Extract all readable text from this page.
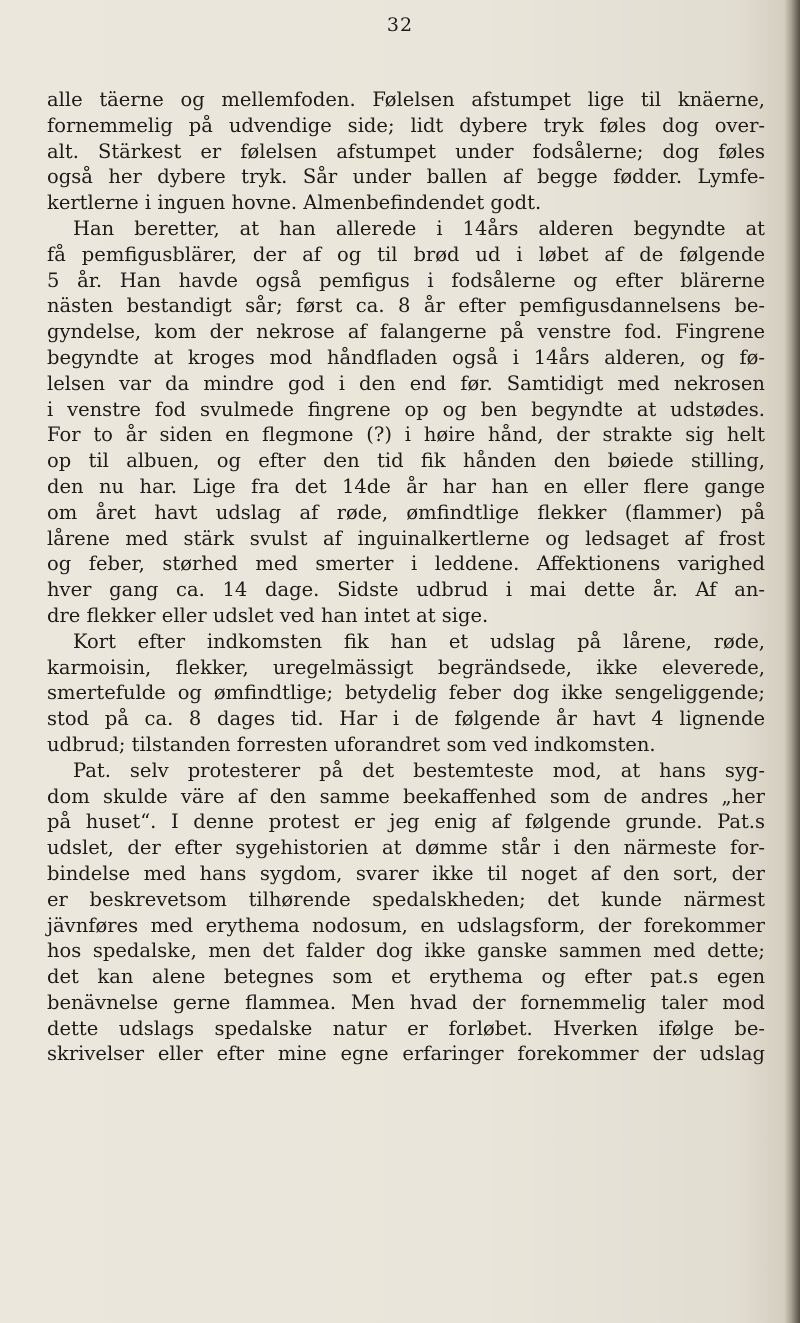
32
alle täerne og mellemfoden. Følelsen afstumpet lige til knäerne,
fornemmelig på udvendige side; lidt dybere tryk føles dog over-
alt. Stärkest er følelsen afstumpet under fodsålerne; dog føles
også her dybere tryk. Sår under ballen af begge fødder. Lymfe-
kertlerne i inguen hovne. Almenbefindendet godt.
Han beretter, at han allerede i 14års alderen begyndte at
få pemfigusblärer, der af og til brød ud i løbet af de følgende
5 år. Han havde også pemfigus i fodsålerne og efter blärerne
nästen bestandigt sår; først ca. 8 år efter pemfigusdannelsens be-
gyndelse, kom der nekrose af falangerne på venstre fod. Fingrene
begyndte at kroges mod håndfladen også i 14års alderen, og fø-
lelsen var da mindre god i den end før. Samtidigt med nekrosen
i venstre fod svulmede fingrene op og ben begyndte at udstødes.
For to år siden en flegmone (?) i høire hånd, der strakte sig helt
op til albuen, og efter den tid fik hånden den bøiede stilling,
den nu har. Lige fra det 14de år har han en eller flere gange
om året havt udslag af røde, ømfindtlige flekker (flammer) på
lårene med stärk svulst af inguinalkertlerne og ledsaget af frost
og feber, størhed med smerter i leddene. Affektionens varighed
hver gang ca. 14 dage. Sidste udbrud i mai dette år. Af an-
dre flekker eller udslet ved han intet at sige.
Kort efter indkomsten fik han et udslag på lårene, røde,
karmoisin, flekker, uregelmässigt begrändsede, ikke eleverede,
smertefulde og ømfindtlige; betydelig feber dog ikke sengeliggende;
stod på ca. 8 dages tid. Har i de følgende år havt 4 lignende
udbrud; tilstanden forresten uforandret som ved indkomsten.
Pat. selv protesterer på det bestemteste mod, at hans syg-
dom skulde väre af den samme beekaffenhed som de andres „her
på huset“. I denne protest er jeg enig af følgende grunde. Pat.s
udslet, der efter sygehistorien at dømme står i den närmeste for-
bindelse med hans sygdom, svarer ikke til noget af den sort, der
er beskrevetsom tilhørende spedalskheden; det kunde närmest
jävnføres med erythema nodosum, en udslagsform, der forekommer
hos spedalske, men det falder dog ikke ganske sammen med dette;
det kan alene betegnes som et erythema og efter pat.s egen
benävnelse gerne flammea. Men hvad der fornemmelig taler mod
dette udslags spedalske natur er forløbet. Hverken ifølge be-
skrivelser eller efter mine egne erfaringer forekommer der udslag
